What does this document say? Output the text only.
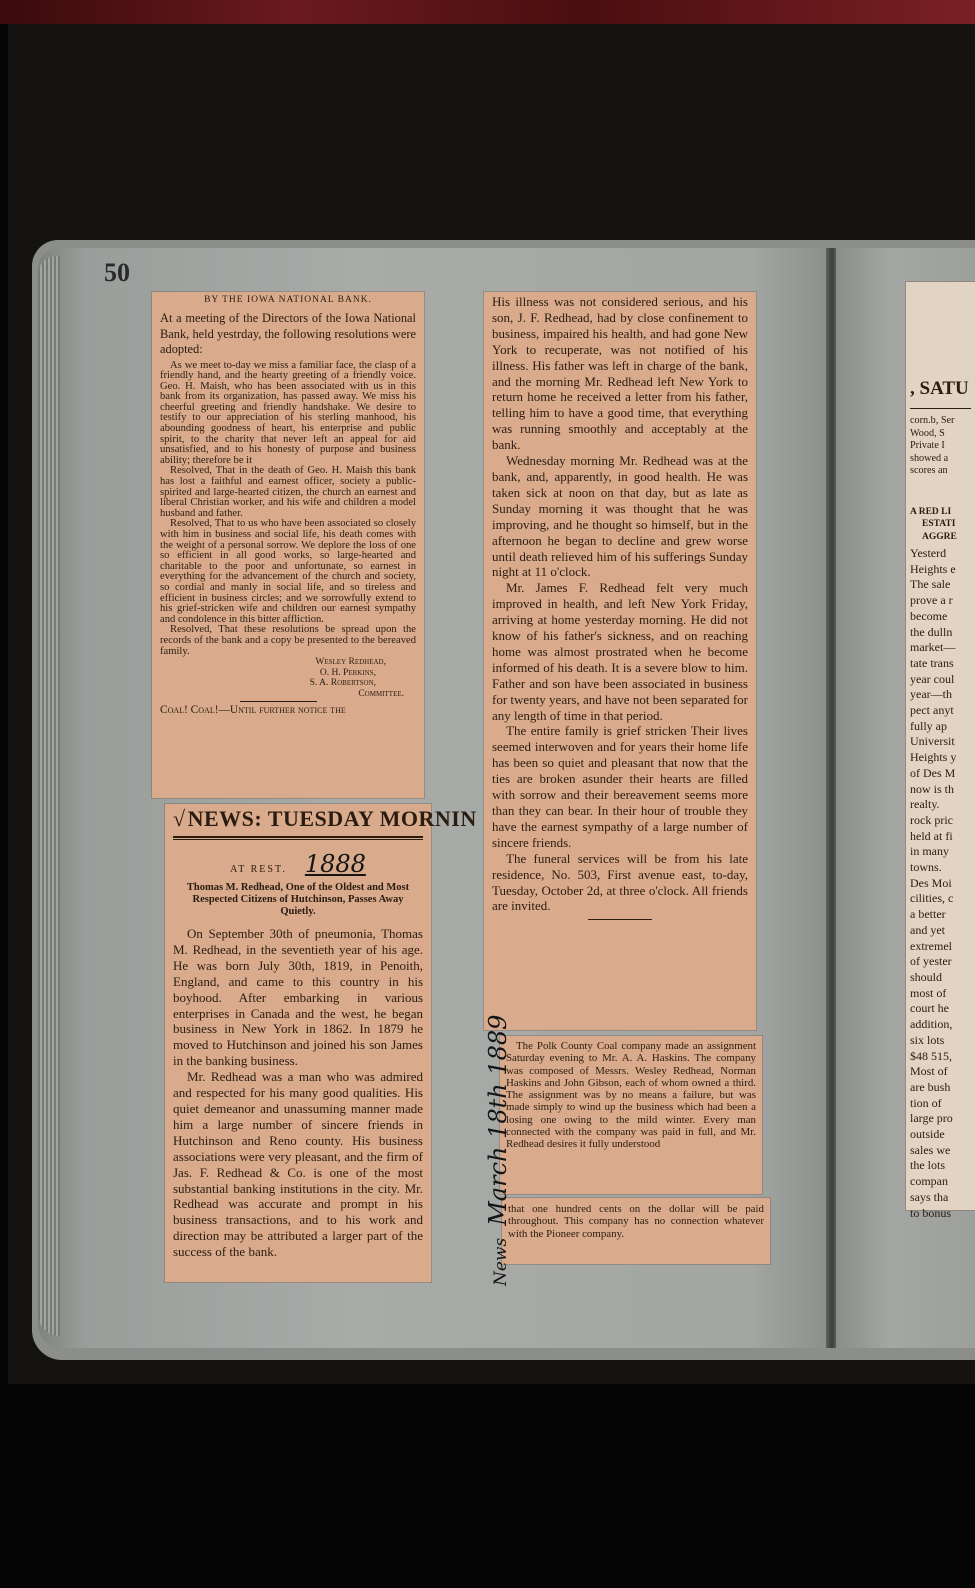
50
BY THE IOWA NATIONAL BANK.

At a meeting of the Directors of the Iowa National Bank, held yestrday, the following resolutions were adopted:

As we meet to-day we miss a familiar face, the clasp of a friendly hand, and the hearty greeting of a friendly voice. Geo. H. Maish, who has been associated with us in this bank from its organization, has passed away. We miss his cheerful greeting and friendly handshake. We desire to testify to our appreciation of his sterling manhood, his abounding goodness of heart, his enterprise and public spirit, to the charity that never left an appeal for aid unsatisfied, and to his honesty of purpose and business ability; therefore be it

Resolved, That in the death of Geo. H. Maish this bank has lost a faithful and earnest officer, society a public-spirited and large-hearted citizen, the church an earnest and liberal Christian worker, and his wife and children a model husband and father.

Resolved, That to us who have been associated so closely with him in business and social life, his death comes with the weight of a personal sorrow. We deplore the loss of one so efficient in all good works, so large-hearted and charitable to the poor and unfortunate, so earnest in everything for the advancement of the church and society, so cordial and manly in social life, and so tireless and efficient in business circles; and we sorrowfully extend to his grief-stricken wife and children our earnest sympathy and condolence in this bitter affliction.

Resolved, That these resolutions be spread upon the records of the bank and a copy be presented to the bereaved family.

Wesley Redhead,
O. H. Perkins,
S. A. Robertson,
Committee.

Coal! Coal!—Until further notice the

√ NEWS: TUESDAY MORNIN
AT REST. 1888

Thomas M. Redhead, One of the Oldest and Most Respected Citizens of Hutchinson, Passes Away Quietly.

On September 30th of pneumonia, Thomas M. Redhead, in the seventieth year of his age. He was born July 30th, 1819, in Penoith, England, and came to this country in his boyhood. After embarking in various enterprises in Canada and the west, he began business in New York in 1862. In 1879 he moved to Hutchinson and joined his son James in the banking business.

Mr. Redhead was a man who was admired and respected for his many good qualities. His quiet demeanor and unassuming manner made him a large number of sincere friends in Hutchinson and Reno county. His business associations were very pleasant, and the firm of Jas. F. Redhead & Co. is one of the most substantial banking institutions in the city. Mr. Redhead was accurate and prompt in his business transactions, and to his work and direction may be attributed a larger part of the success of the bank.

His illness was not considered serious, and his son, J. F. Redhead, had by close confinement to business, impaired his health, and had gone New York to recuperate, was not notified of his illness. His father was left in charge of the bank, and the morning Mr. Redhead left New York to return home he received a letter from his father, telling him to have a good time, that everything was running smoothly and acceptably at the bank.

Wednesday morning Mr. Redhead was at the bank, and, apparently, in good health. He was taken sick at noon on that day, but as late as Sunday morning it was thought that he was improving, and he thought so himself, but in the afternoon he began to decline and grew worse until death relieved him of his sufferings Sunday night at 11 o'clock.

Mr. James F. Redhead felt very much improved in health, and left New York Friday, arriving at home yesterday morning. He did not know of his father's sickness, and on reaching home was almost prostrated when he become informed of his death. It is a severe blow to him. Father and son have been associated in business for twenty years, and have not been separated for any length of time in that period.

The entire family is grief stricken Their lives seemed interwoven and for years their home life has been so quiet and pleasant that now that the ties are broken asunder their hearts are filled with sorrow and their bereavement seems more than they can bear. In their hour of trouble they have the earnest sympathy of a large number of sincere friends.

The funeral services will be from his late residence, No. 503, First avenue east, to-day, Tuesday, October 2d, at three o'clock. All friends are invited.

The Polk County Coal company made an assignment Saturday evening to Mr. A. A. Haskins. The company was composed of Messrs. Wesley Redhead, Norman Haskins and John Gibson, each of whom owned a third. The assignment was by no means a failure, but was made simply to wind up the business which had been a losing one owing to the mild winter. Every man connected with the company was paid in full, and Mr. Redhead desires it fully understood

that one hundred cents on the dollar will be paid throughout. This company has no connection whatever with the Pioneer company.

News March 18th 1889
, SATU
corn.b, Ser
Wood, S
Private I
showed a
scores an
A RED LI
ESTATI
AGGRE
Yesterd
Heights e
The sale
prove a r
become
the dulln
market—
tate trans
year coul
year—th
pect anyt
fully ap
Universit
Heights y
of Des M
now is th
realty.
rock pric
held at fi
in many
towns.
Des Moi
cilities, c
a better
and yet
extremel
of yester
should
most of
court he
addition,
six lots
$48 515,
Most of
are bush
tion of
large pro
outside
sales we
the lots
compan
says tha
to bonus
